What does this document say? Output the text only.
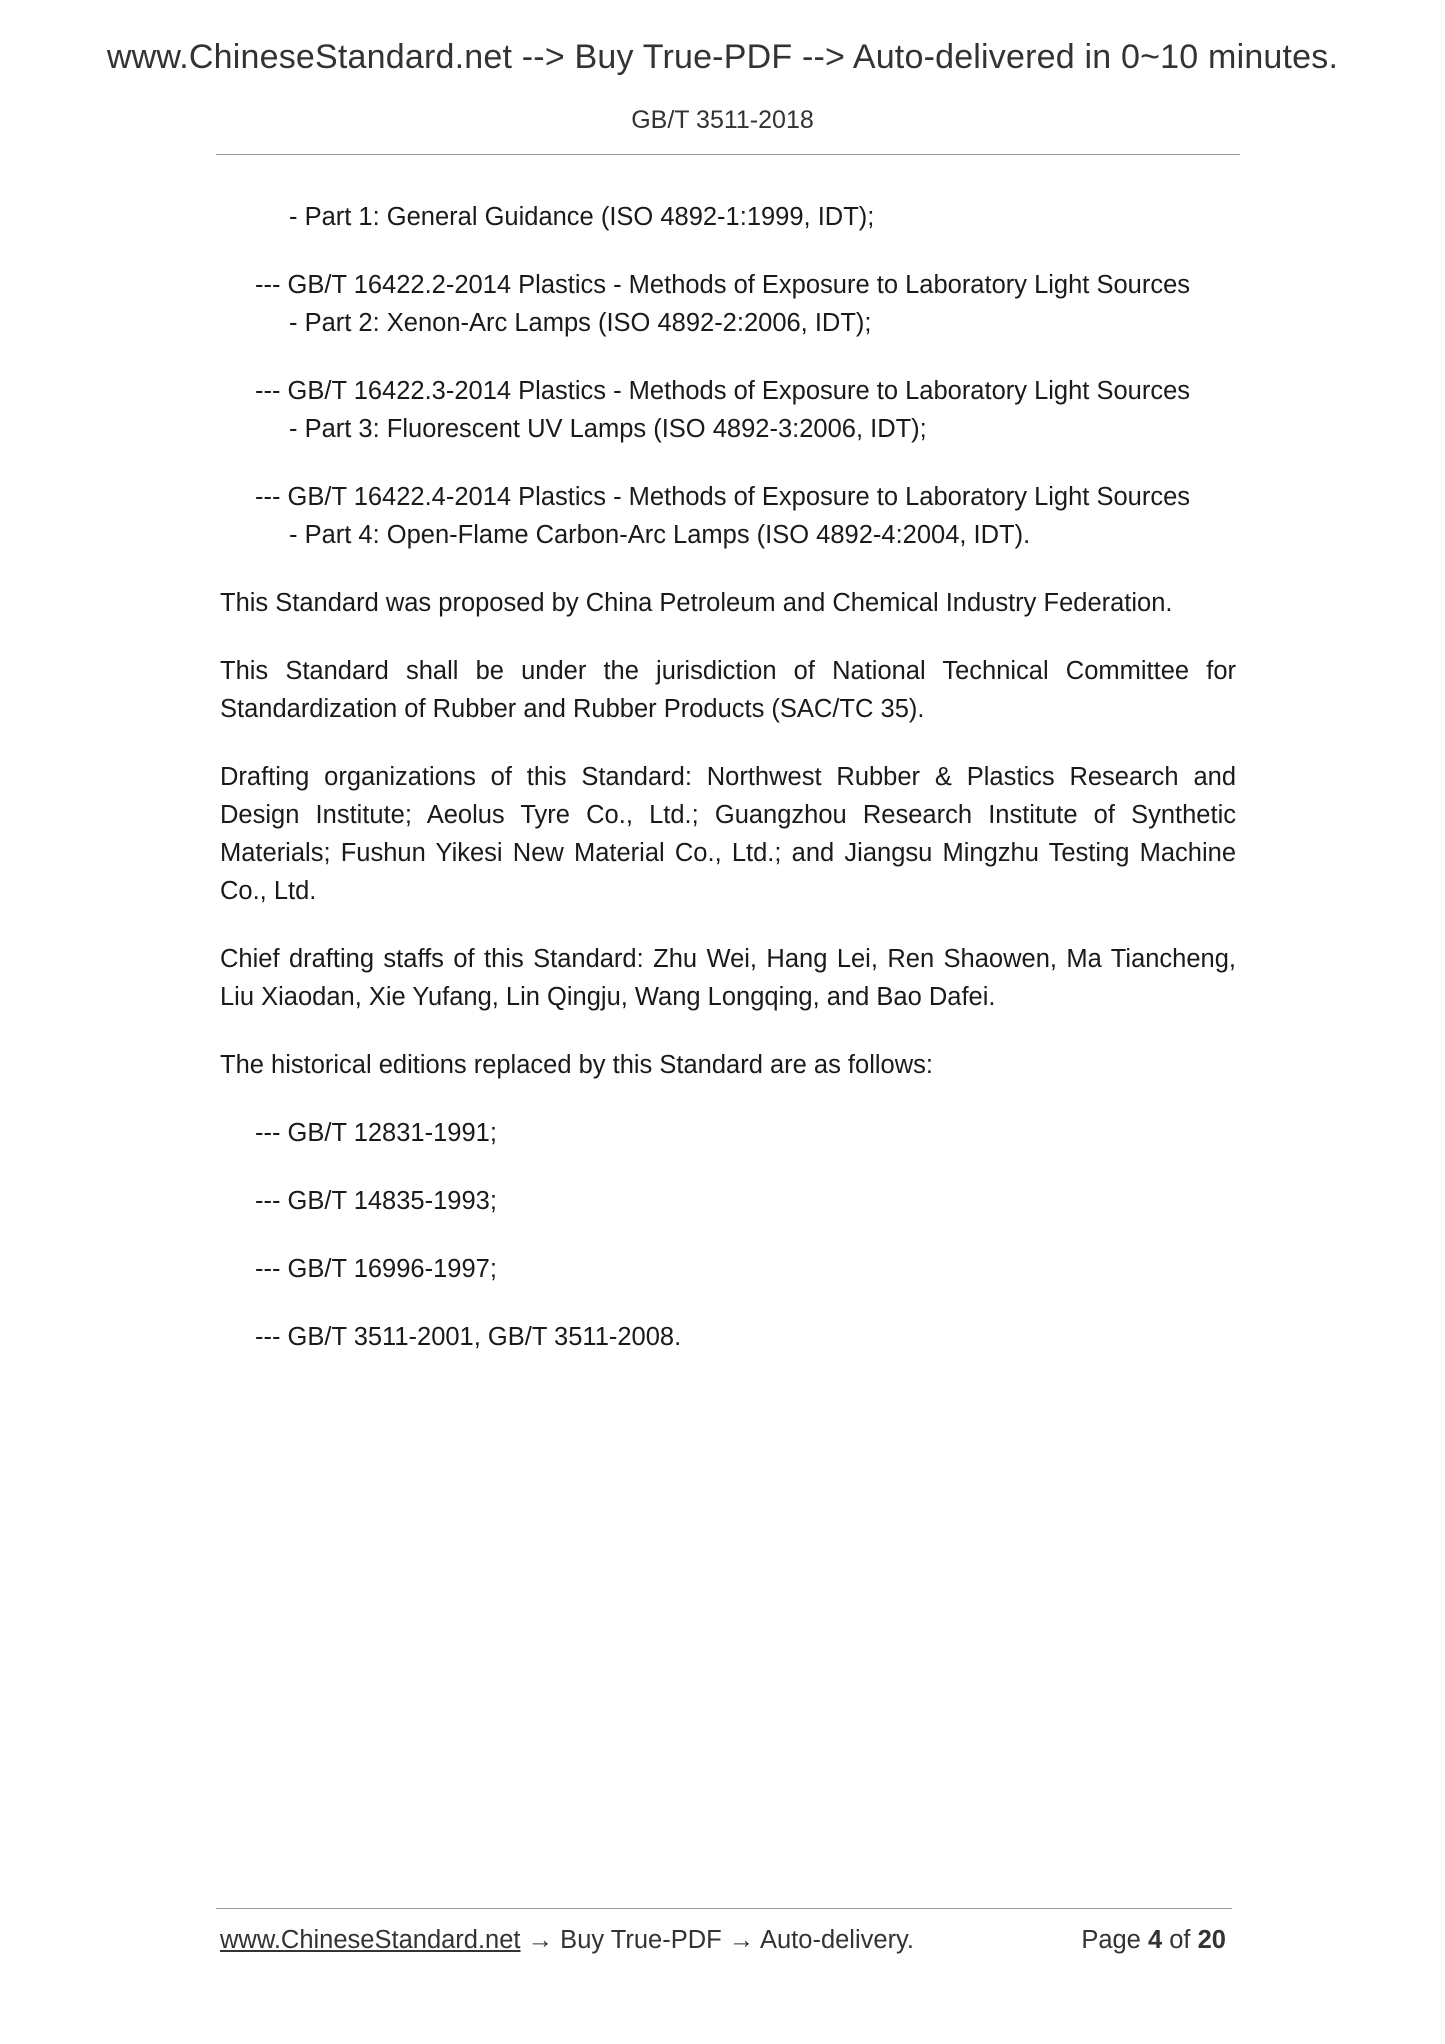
www.ChineseStandard.net --> Buy True-PDF --> Auto-delivered in 0~10 minutes.
GB/T 3511-2018
- Part 1: General Guidance (ISO 4892-1:1999, IDT);
--- GB/T 16422.2-2014 Plastics - Methods of Exposure to Laboratory Light Sources
- Part 2: Xenon-Arc Lamps (ISO 4892-2:2006, IDT);
--- GB/T 16422.3-2014 Plastics - Methods of Exposure to Laboratory Light Sources
- Part 3: Fluorescent UV Lamps (ISO 4892-3:2006, IDT);
--- GB/T 16422.4-2014 Plastics - Methods of Exposure to Laboratory Light Sources
- Part 4: Open-Flame Carbon-Arc Lamps (ISO 4892-4:2004, IDT).

This Standard was proposed by China Petroleum and Chemical Industry Federation.

This Standard shall be under the jurisdiction of National Technical Committee for Standardization of Rubber and Rubber Products (SAC/TC 35).

Drafting organizations of this Standard: Northwest Rubber & Plastics Research and Design Institute; Aeolus Tyre Co., Ltd.; Guangzhou Research Institute of Synthetic Materials; Fushun Yikesi New Material Co., Ltd.; and Jiangsu Mingzhu Testing Machine Co., Ltd.

Chief drafting staffs of this Standard: Zhu Wei, Hang Lei, Ren Shaowen, Ma Tiancheng, Liu Xiaodan, Xie Yufang, Lin Qingju, Wang Longqing, and Bao Dafei.

The historical editions replaced by this Standard are as follows:

--- GB/T 12831-1991;
--- GB/T 14835-1993;
--- GB/T 16996-1997;
--- GB/T 3511-2001, GB/T 3511-2008.
www.ChineseStandard.net → Buy True-PDF → Auto-delivery.	Page 4 of 20
